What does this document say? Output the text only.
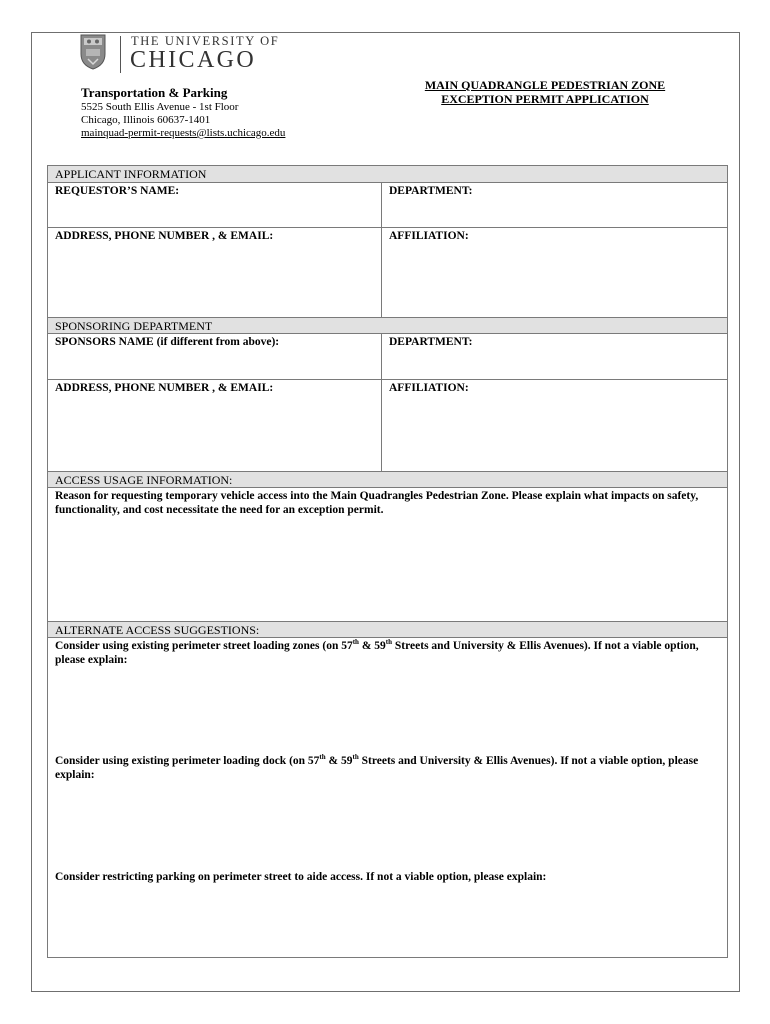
THE UNIVERSITY OF
CHICAGO
Transportation & Parking
5525 South Ellis Avenue - 1st Floor
Chicago, Illinois 60637-1401
mainquad-permit-requests@lists.uchicago.edu
MAIN QUADRANGLE PEDESTRIAN ZONE
EXCEPTION PERMIT APPLICATION
APPLICANT INFORMATION	

REQUESTOR’S NAME:	DEPARTMENT:

ADDRESS, PHONE NUMBER , & EMAIL:	AFFILIATION:

SPONSORING DEPARTMENT	

SPONSORS NAME (if different from above):	DEPARTMENT:

ADDRESS, PHONE NUMBER , & EMAIL:	AFFILIATION:

ACCESS USAGE INFORMATION:	

Reason for requesting temporary vehicle access into the Main Quadrangles Pedestrian Zone. Please explain what impacts on safety, functionality, and cost necessitate the need for an exception permit.	

ALTERNATE ACCESS SUGGESTIONS:	

Consider using existing perimeter street loading zones (on 57th & 59th Streets and University & Ellis Avenues). If not a viable option, please explain:
Consider using existing perimeter loading dock (on 57th & 59th Streets and University & Ellis Avenues). If not a viable option, please explain:
Consider restricting parking on perimeter street to aide access. If not a viable option, please explain:	
